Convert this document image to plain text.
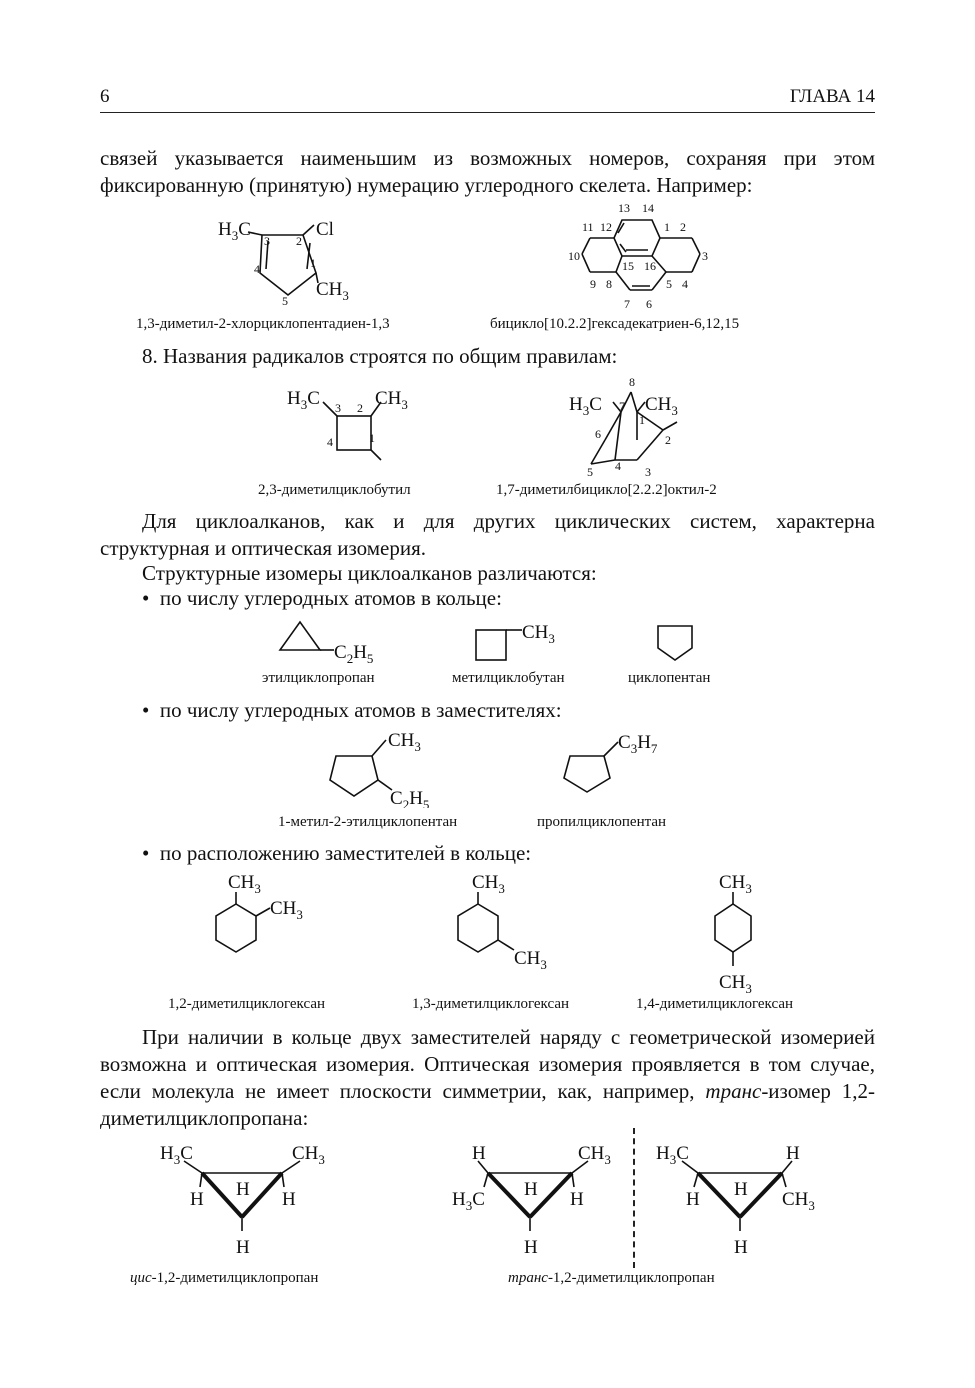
6	ГЛАВА 14
связей указывается наименьшим из возможных номеров, сохраняя при этом фиксированную (принятую) нумерацию углеродного скелета. Например:
$H_3C$	Cl
$CH_3$
3 2
1
4
5
1,3-диметил-2-хлорциклопентадиен-1,3
13 14
11 12	1 2
10	3
15 16
9 8	5 4
7 6
бицикло[10.2.2]гексадекатриен-6,12,15
8. Названия радикалов строятся по общим правилам:
$H_3C$	$CH_3$
3 2
4	1
2,3-диметилциклобутил
$H_3C$ $CH_3$
8
7
1
2
6
5 4 3
1,7-диметилбицикло[2.2.2]октил-2
Для циклоалканов, как и для других циклических систем, характерна структурная и оптическая изомерия.
Структурные изомеры циклоалканов различаются:
•  по числу углеродных атомов в кольце:
$C_2H_5$
$CH_3$
этилциклопропан	метилциклобутан	циклопентан
•  по числу углеродных атомов в заместителях:
$CH_3$
$C_2H_5$
$C_3H_7$
1-метил-2-этилциклопентан	пропилциклопентан
•  по расположению заместителей в кольце:
$CH_3$
$CH_3$
$CH_3$
$CH_3$
$CH_3$
$CH_3$
1,2-диметилциклогексан	1,3-диметилциклогексан	1,4-диметилциклогексан
При наличии в кольце двух заместителей наряду с геометрической изомерией возможна и оптическая изомерия. Оптическая изомерия проявляется в том случае, если молекула не имеет плоскости симметрии, как, например, транс-изомер 1,2-диметилциклопропана:
$H_3C$	$CH_3$
H	H
H
H
H	$CH_3$
$H_3C$	H
H
H
$H_3C$	H
H	$CH_3$
H
H
цис-1,2-диметилциклопропан	транс-1,2-диметилциклопропан
